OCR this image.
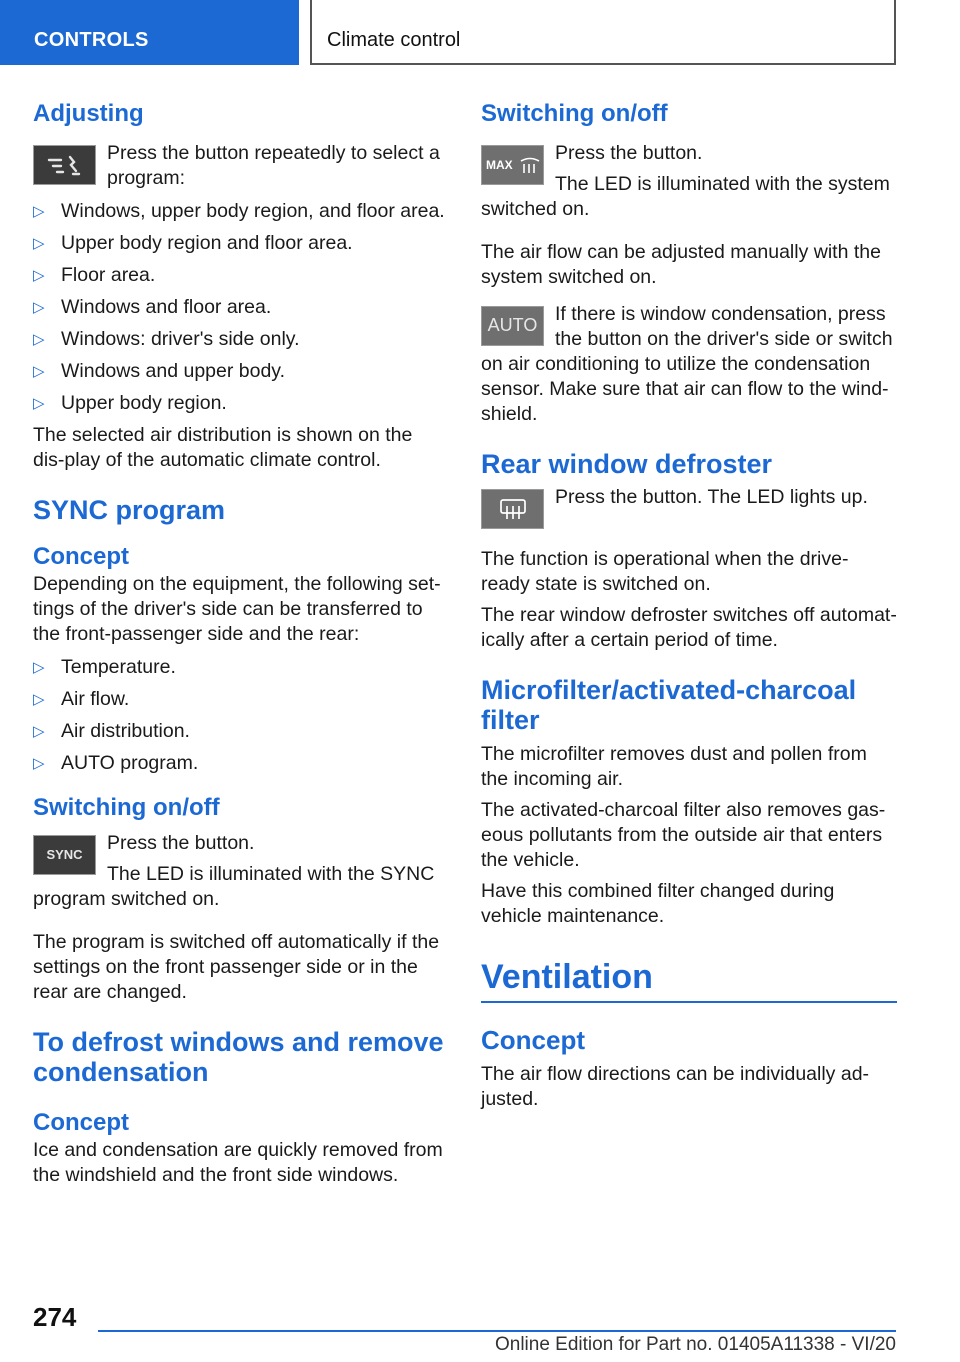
CONTROLS	Climate control
Adjusting
Press the button repeatedly to select a program:
▷ Windows, upper body region, and floor area.
▷ Upper body region and floor area.
▷ Floor area.
▷ Windows and floor area.
▷ Windows: driver's side only.
▷ Windows and upper body.
▷ Upper body region.

The selected air distribution is shown on the dis-play of the automatic climate control.

SYNC program
Concept

Depending on the equipment, the following set-tings of the driver's side can be transferred to the front-passenger side and the rear:

▷ Temperature.
▷ Air flow.
▷ Air distribution.
▷ AUTO program.
Switching on/off
SYNC
Press the button.
The LED is illuminated with the SYNC program switched on.

The program is switched off automatically if the settings on the front passenger side or in the rear are changed.

To defrost windows and remove condensation
Concept

Ice and condensation are quickly removed from the windshield and the front side windows.

Switching on/off
MAX
Press the button.
The LED is illuminated with the system switched on.

The air flow can be adjusted manually with the system switched on.

AUTO
If there is window condensation, press the button on the driver's side or switch on air conditioning to utilize the condensation sensor. Make sure that air can flow to the wind-shield.
Rear window defroster
Press the button. The LED lights up.

The function is operational when the drive-ready state is switched on.

The rear window defroster switches off automat-ically after a certain period of time.

Microfilter/activated-charcoal filter

The microfilter removes dust and pollen from the incoming air.

The activated-charcoal filter also removes gas-eous pollutants from the outside air that enters the vehicle.

Have this combined filter changed during vehicle maintenance.

Ventilation
Concept

The air flow directions can be individually ad-justed.

274
Online Edition for Part no. 01405A11338 - VI/20
